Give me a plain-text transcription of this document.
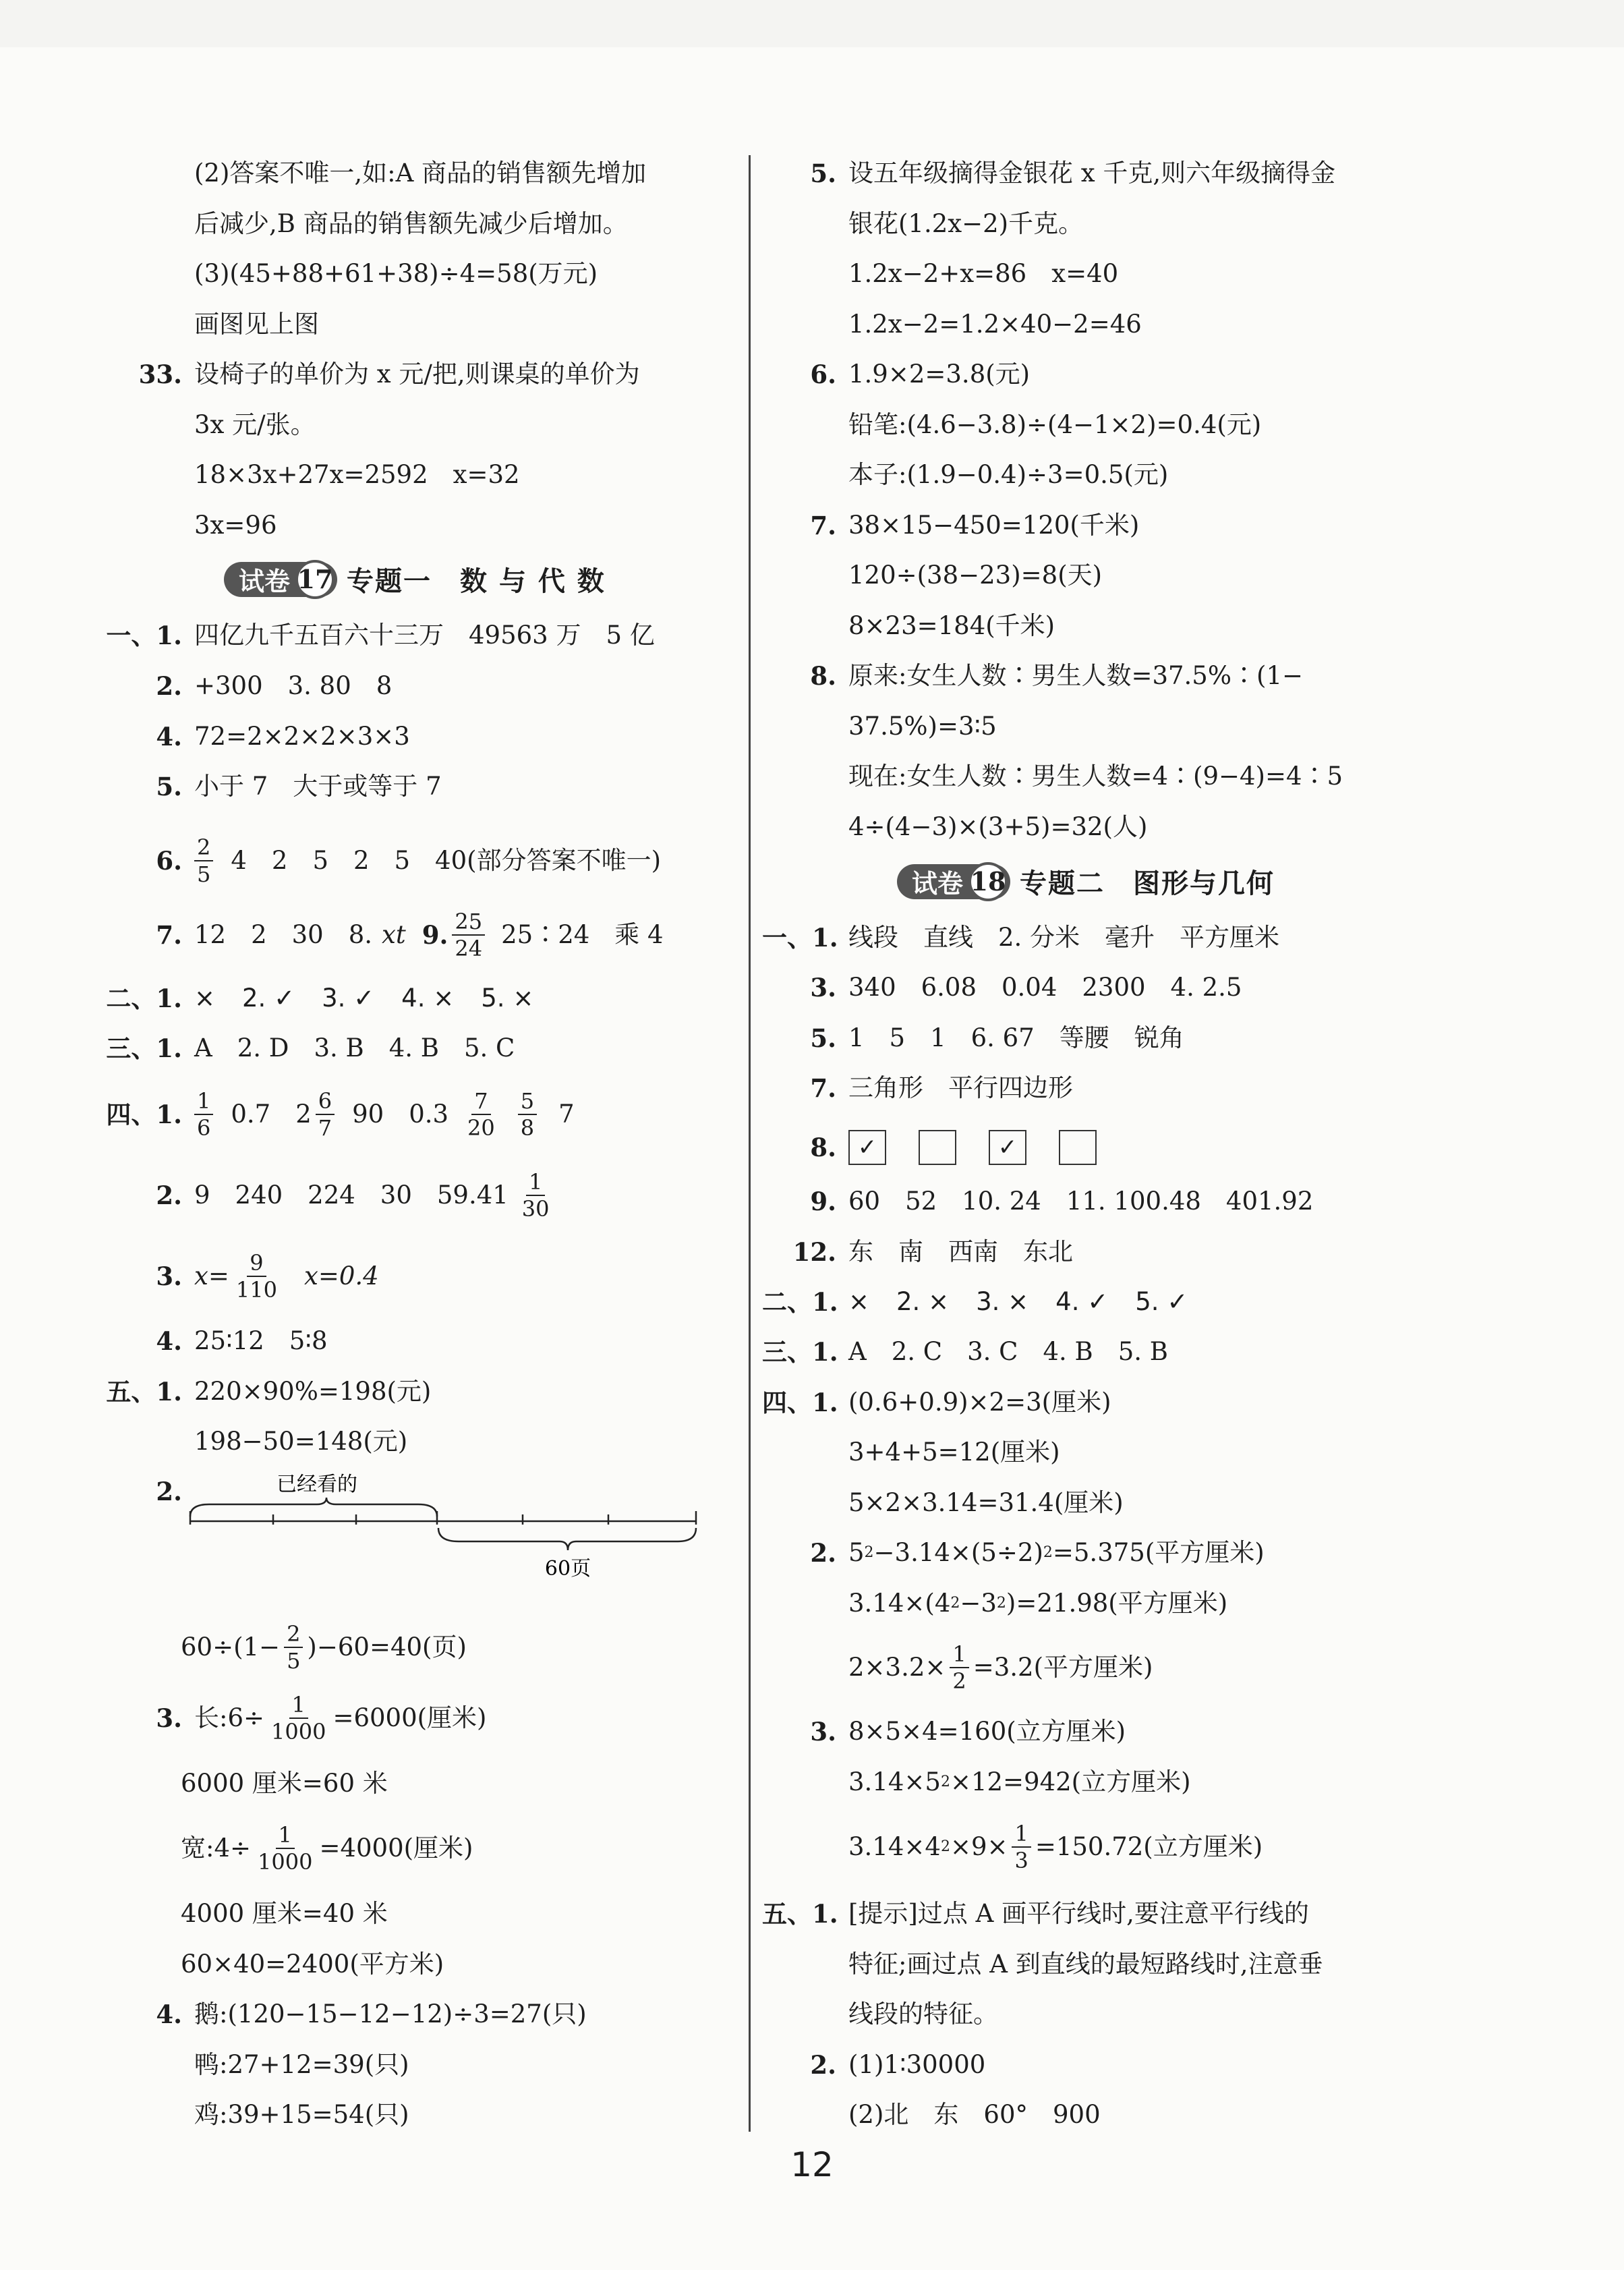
(2)答案不唯一,如:A 商品的销售额先增加
后减少,B 商品的销售额先减少后增加。
(3)(45+88+61+38)÷4=58(万元)
画图见上图
33. 设椅子的单价为 x 元/把,则课桌的单价为
3x 元/张。
18×3x+27x=2592　x=32
3x=96
试卷 17 专题一　数 与 代 数
一、1. 四亿九千五百六十三万　49563 万　5 亿
2. +300　3. 80　8
4. 72=2×2×2×3×3
5. 小于 7　大于或等于 7
6. $\frac{2}{5} 4$　2　5　2　5　40(部分答案不唯一)
7. 12　2　30　8. xt 9. $\frac{25}{24}$ 25∶24　乘 4
二、1. × 2. ✓ 3. ✓ 4. × 5. ×
三、1. A　2. D　3. B　4. B　5. C
四、1. $\frac{1}{6} 0.7$　$2 \frac{6}{7} 90$　$0.3 \frac{7}{20} \frac{5}{8} 7$
2. 9　240　224　30　$59.41 \frac{1}{30}$
3. $x= \frac{9}{110} x=0.4$
4. 25∶12　5∶8
五、1. 220×90%=198(元)
198−50=148(元)
2.	已经看的
60页
$60\div(1- \frac{2}{5} )-60=40$(页)
3. 长:6÷ $\frac{1}{1000} =6000$(厘米)
6000 厘米=60 米
宽:4÷ $\frac{1}{1000} =4000$(厘米)
4000 厘米=40 米
60×40=2400(平方米)
4. 鹅:(120−15−12−12)÷3=27(只)
鸭:27+12=39(只)
鸡:39+15=54(只)
5. 设五年级摘得金银花 x 千克,则六年级摘得金
银花(1.2x−2)千克。
1.2x−2+x=86　x=40
1.2x−2=1.2×40−2=46
6. 1.9×2=3.8(元)
铅笔:(4.6−3.8)÷(4−1×2)=0.4(元)
本子:(1.9−0.4)÷3=0.5(元)
7. 38×15−450=120(千米)
120÷(38−23)=8(天)
8×23=184(千米)
8. 原来:女生人数∶男生人数=37.5%∶(1−
37.5%)=3∶5
现在:女生人数∶男生人数=4∶(9−4)=4∶5
4÷(4−3)×(3+5)=32(人)
试卷 18 专题二　图形与几何
一、1. 线段　直线　2. 分米　毫升　平方厘米
3. 340　6.08　0.04　2300　4. 2.5
5. 1　5　1　6. 67　等腰　锐角
7. 三角形　平行四边形
8. ✓	✓
9. 60　52　10. 24　11. 100.48　401.92
12. 东　南　西南　东北
二、1. × 2. × 3. × 4. ✓ 5. ✓
三、1. A　2. C　3. C　4. B　5. B
四、1. (0.6+0.9)×2=3(厘米)
3+4+5=12(厘米)
5×2×3.14=31.4(厘米)
2. 5 2 −3.14×(5÷2) 2 =5.375(平方厘米)
3.14×(4 2 −3 2 )=21.98(平方厘米)
$2\times 3.2\times \frac{1}{2} =3.2$(平方厘米)
3. 8×5×4=160(立方厘米)
3.14×5 2 ×12=942(立方厘米)
3.14×4 $2 \times 9\times \frac{1}{3} =150.72$(立方厘米)
五、1. [提示]过点 A 画平行线时,要注意平行线的
特征;画过点 A 到直线的最短路线时,注意垂
线段的特征。
2. (1)1∶30000
(2)北　东　60°　900
12
